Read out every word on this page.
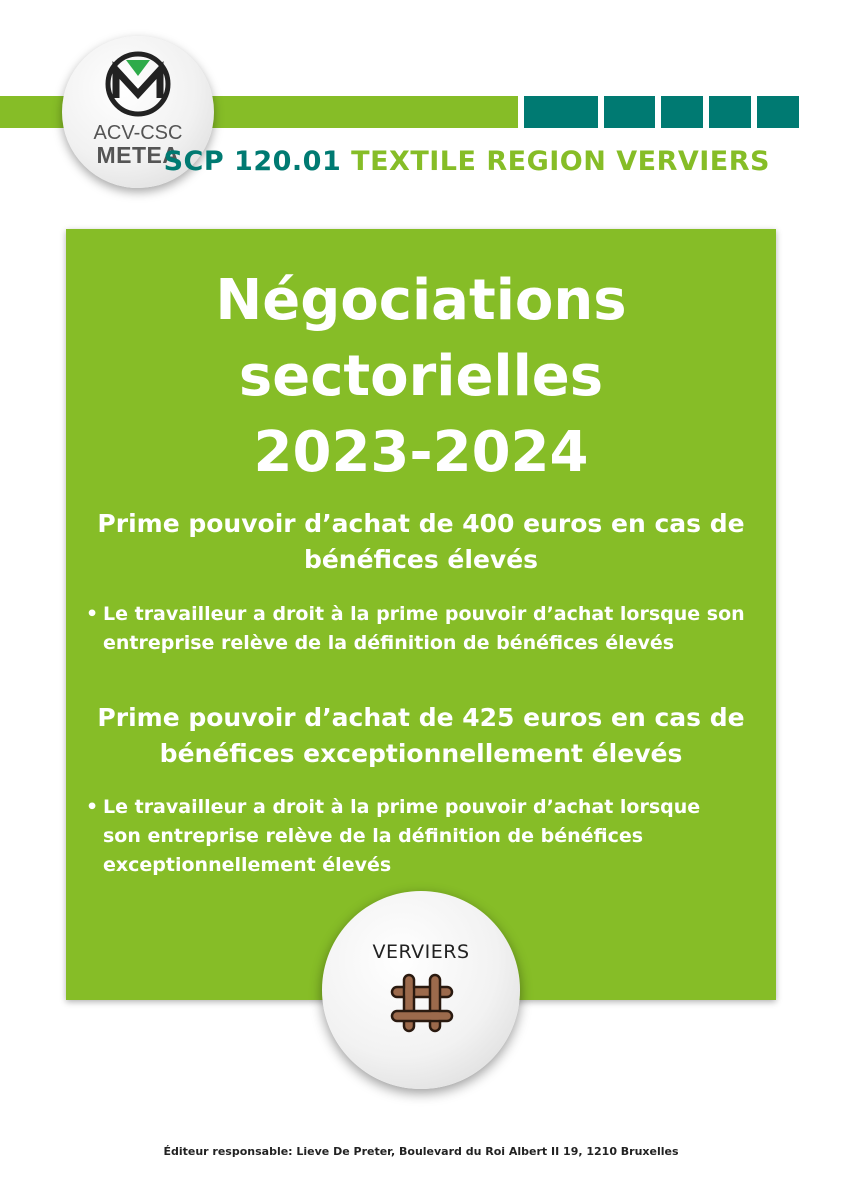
ACV-CSC
METEA
SCP 120.01 TEXTILE REGION VERVIERS
Négociations
sectorielles
2023-2024
Prime pouvoir d’achat de 400 euros en cas de
bénéfices élevés
• Le travailleur a droit à la prime pouvoir d’achat lorsque son
entreprise relève de la définition de bénéfices élevés
Prime pouvoir d’achat de 425 euros en cas de
bénéfices exceptionnellement élevés
• Le travailleur a droit à la prime pouvoir d’achat lorsque
son entreprise relève de la définition de bénéfices
exceptionnellement élevés
VERVIERS
Éditeur responsable: Lieve De Preter, Boulevard du Roi Albert II 19, 1210 Bruxelles
